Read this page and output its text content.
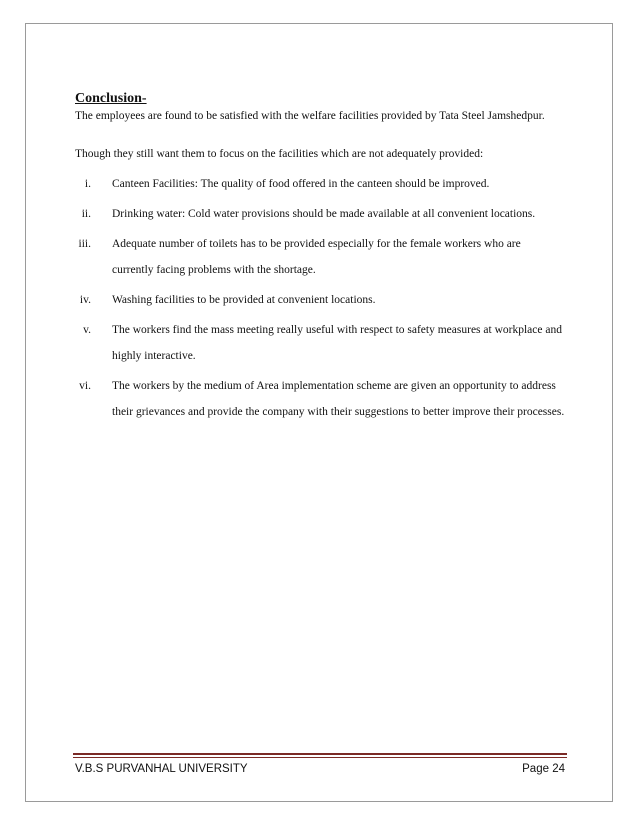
Conclusion-

The employees are found to be satisfied with the welfare facilities provided by Tata Steel Jamshedpur.

Though they still want them to focus on the facilities which are not adequately provided:

i.	Canteen Facilities: The quality of food offered in the canteen should be improved.
ii.	Drinking water: Cold water provisions should be made available at all convenient locations.
iii.	Adequate number of toilets has to be provided especially for the female workers who are currently facing problems with the shortage.
iv.	Washing facilities to be provided at convenient locations.
v.	The workers find the mass meeting really useful with respect to safety measures at workplace and highly interactive.
vi.	The workers by the medium of Area implementation scheme are given an opportunity to address their grievances and provide the company with their suggestions to better improve their processes.
V.B.S PURVANHAL UNIVERSITY	Page 24
